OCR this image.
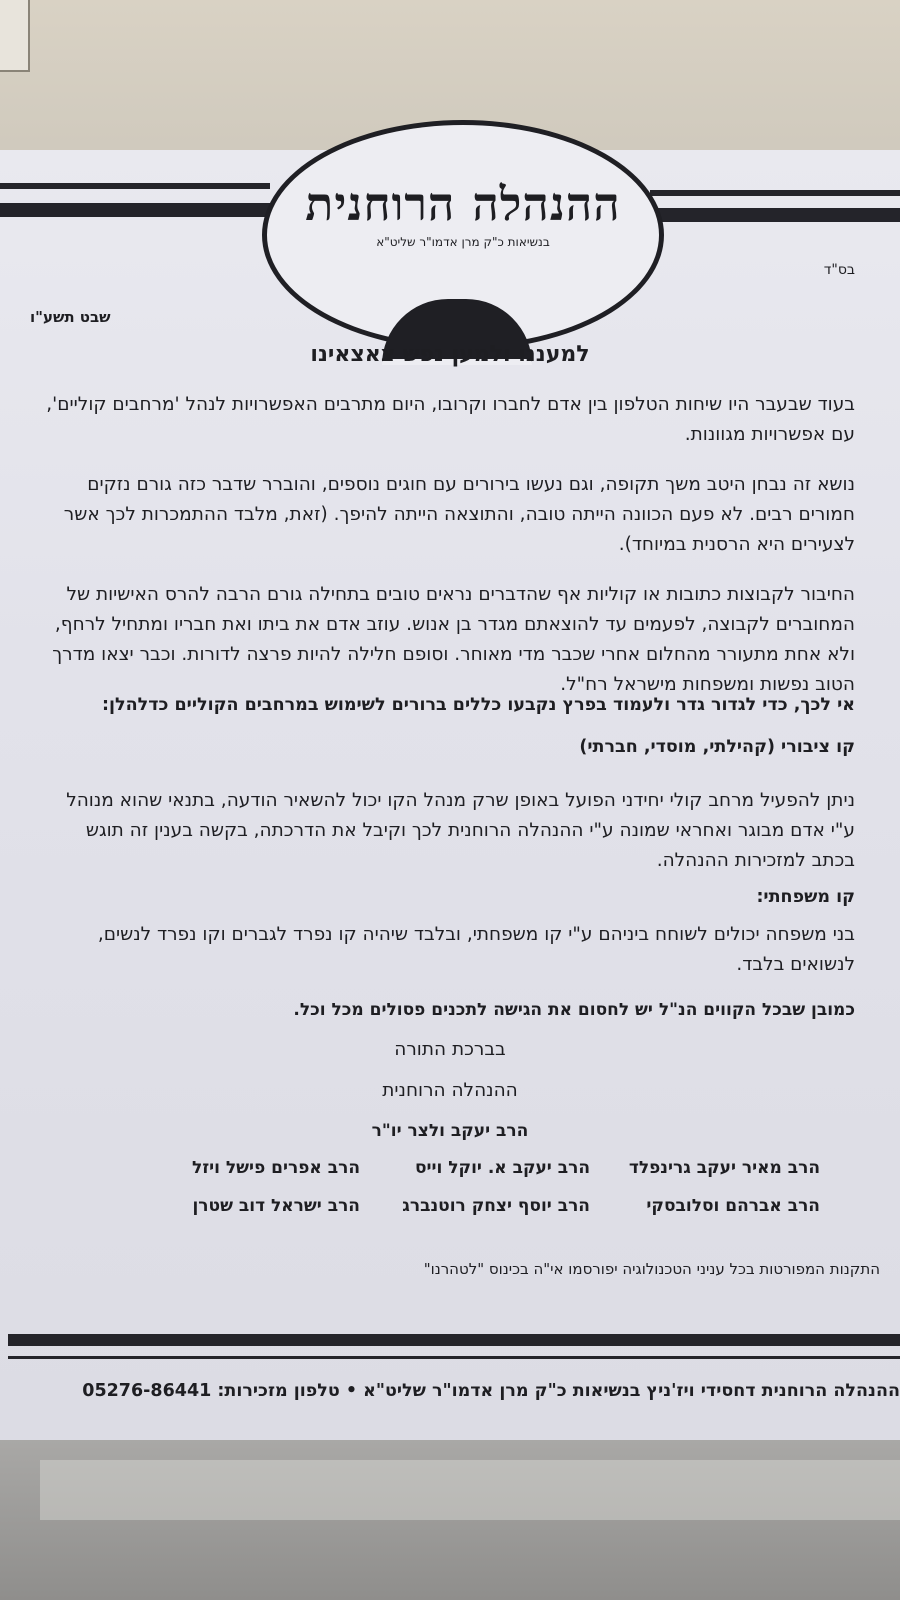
ההנהלה הרוחנית
בנשיאות כ"ק מרן אדמו"ר שליט"א
בס"ד
שבט תשע"ו
למעננו ולמען נפש צאצאינו
בעוד שבעבר היו שיחות הטלפון בין אדם לחברו וקרובו, היום מתרבים האפשרויות לנהל 'מרחבים קוליים', עם אפשרויות מגוונות.
נושא זה נבחן היטב משך תקופה, וגם נעשו בירורים עם חוגים נוספים, והוברר שדבר כזה גורם נזקים חמורים רבים. לא פעם הכוונה הייתה טובה, והתוצאה הייתה להיפך. (זאת, מלבד ההתמכרות לכך אשר לצעירים היא הרסנית במיוחד).
החיבור לקבוצות כתובות או קוליות אף שהדברים נראים טובים בתחילה גורם הרבה להרס האישיות של המחוברים לקבוצה, לפעמים עד להוצאתם מגדר בן אנוש. עוזב אדם את ביתו ואת חבריו ומתחיל לרחף, ולא אחת מתעורר מהחלום אחרי שכבר מדי מאוחר. וסופם חלילה להיות פרצה לדורות. וכבר יצאו מדרך הטוב נפשות ומשפחות מישראל רח"ל.
אי לכך, כדי לגדור גדר ולעמוד בפרץ נקבעו כללים ברורים לשימוש במרחבים הקוליים כדלהלן:
קו ציבורי (קהילתי, מוסדי, חברתי)
ניתן להפעיל מרחב קולי יחידני הפועל באופן שרק מנהל הקו יכול להשאיר הודעה, בתנאי שהוא מנוהל ע"י אדם מבוגר ואחראי שמונה ע"י ההנהלה הרוחנית לכך וקיבל את הדרכתה, בקשה בענין זה תוגש בכתב למזכירות ההנהלה.
קו משפחתי:
בני משפחה יכולים לשוחח ביניהם ע"י קו משפחתי, ובלבד שיהיה קו נפרד לגברים וקו נפרד לנשים, לנשואים בלבד.
כמובן שבכל הקווים הנ"ל יש לחסום את הגישה לתכנים פסולים מכל וכל.
בברכת התורה
ההנהלה הרוחנית
הרב יעקב ולצר יו"ר
הרב מאיר יעקב גרינפלד
הרב יעקב א. יוקל וייס
הרב אפרים פישל ויזל
הרב אברהם וסלובסקי
הרב יוסף יצחק רוטנברג
הרב ישראל דוב שטרן
התקנות המפורטות בכל עניני הטכנולוגיה יפורסמו אי"ה בכינוס "לטהרנו"
ההנהלה הרוחנית דחסידי ויז'ניץ בנשיאות כ"ק מרן אדמו"ר שליט"א • טלפון מזכירות: 05276-86441
